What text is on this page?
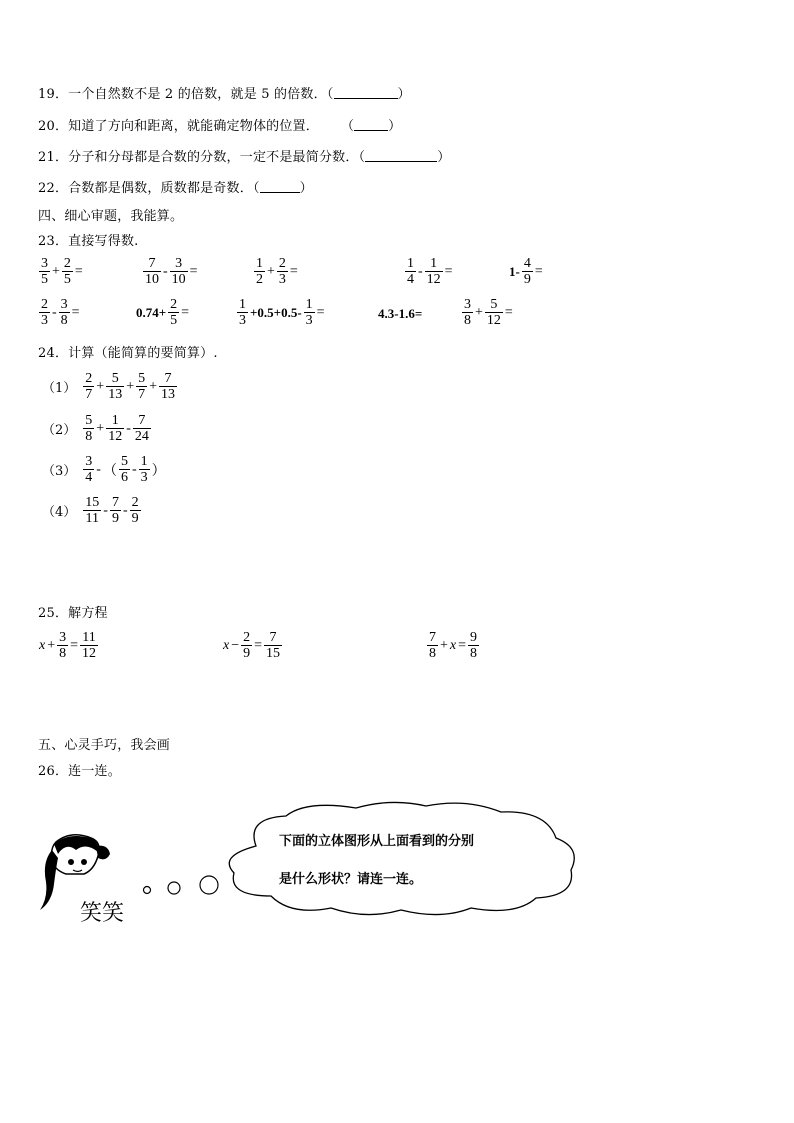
19．一个自然数不是 2 的倍数，就是 5 的倍数．（	）
20．知道了方向和距离，就能确定物体的位置． （	）
21．分子和分母都是合数的分数，一定不是最简分数．（	）
22．合数都是偶数，质数都是奇数．（	）
四、细心审题，我能算。
23．直接写得数.
$\frac{3}{5} + \frac{2}{5}$ =	$\frac{7}{10} - \frac{3}{10}$ =	$\frac{1}{2} + \frac{2}{3}$ =	$\frac{1}{4} - \frac{1}{12}$ =	$1- \frac{4}{9}$ =
$\frac{2}{3} - \frac{3}{8}$ =	$0.74+ \frac{2}{5}$ =	$\frac{1}{3} +0.5+0.5- \frac{1}{3}$ =	4.3-1.6=	$\frac{3}{8} + \frac{5}{12}$ =
24．计算（能简算的要简算）.
$(1) \frac{2}{7} + \frac{5}{13} + \frac{5}{7} + \frac{7}{13}$
$(2) \frac{5}{8} + \frac{1}{12} - \frac{7}{24}$
$(3) \frac{3}{4}$ - （ $\frac{5}{6} - \frac{1}{3}$ ）
$(4) \frac{15}{11} - \frac{7}{9} - \frac{2}{9}$
25．解方程
$x + \frac{3}{8} = \frac{11}{12}$	$x - \frac{2}{9} = \frac{7}{15}$	$\frac{7}{8} + x = \frac{9}{8}$
五、心灵手巧，我会画
26．连一连。
笑笑
下面的立体图形从上面看到的分别
是什么形状？请连一连。
